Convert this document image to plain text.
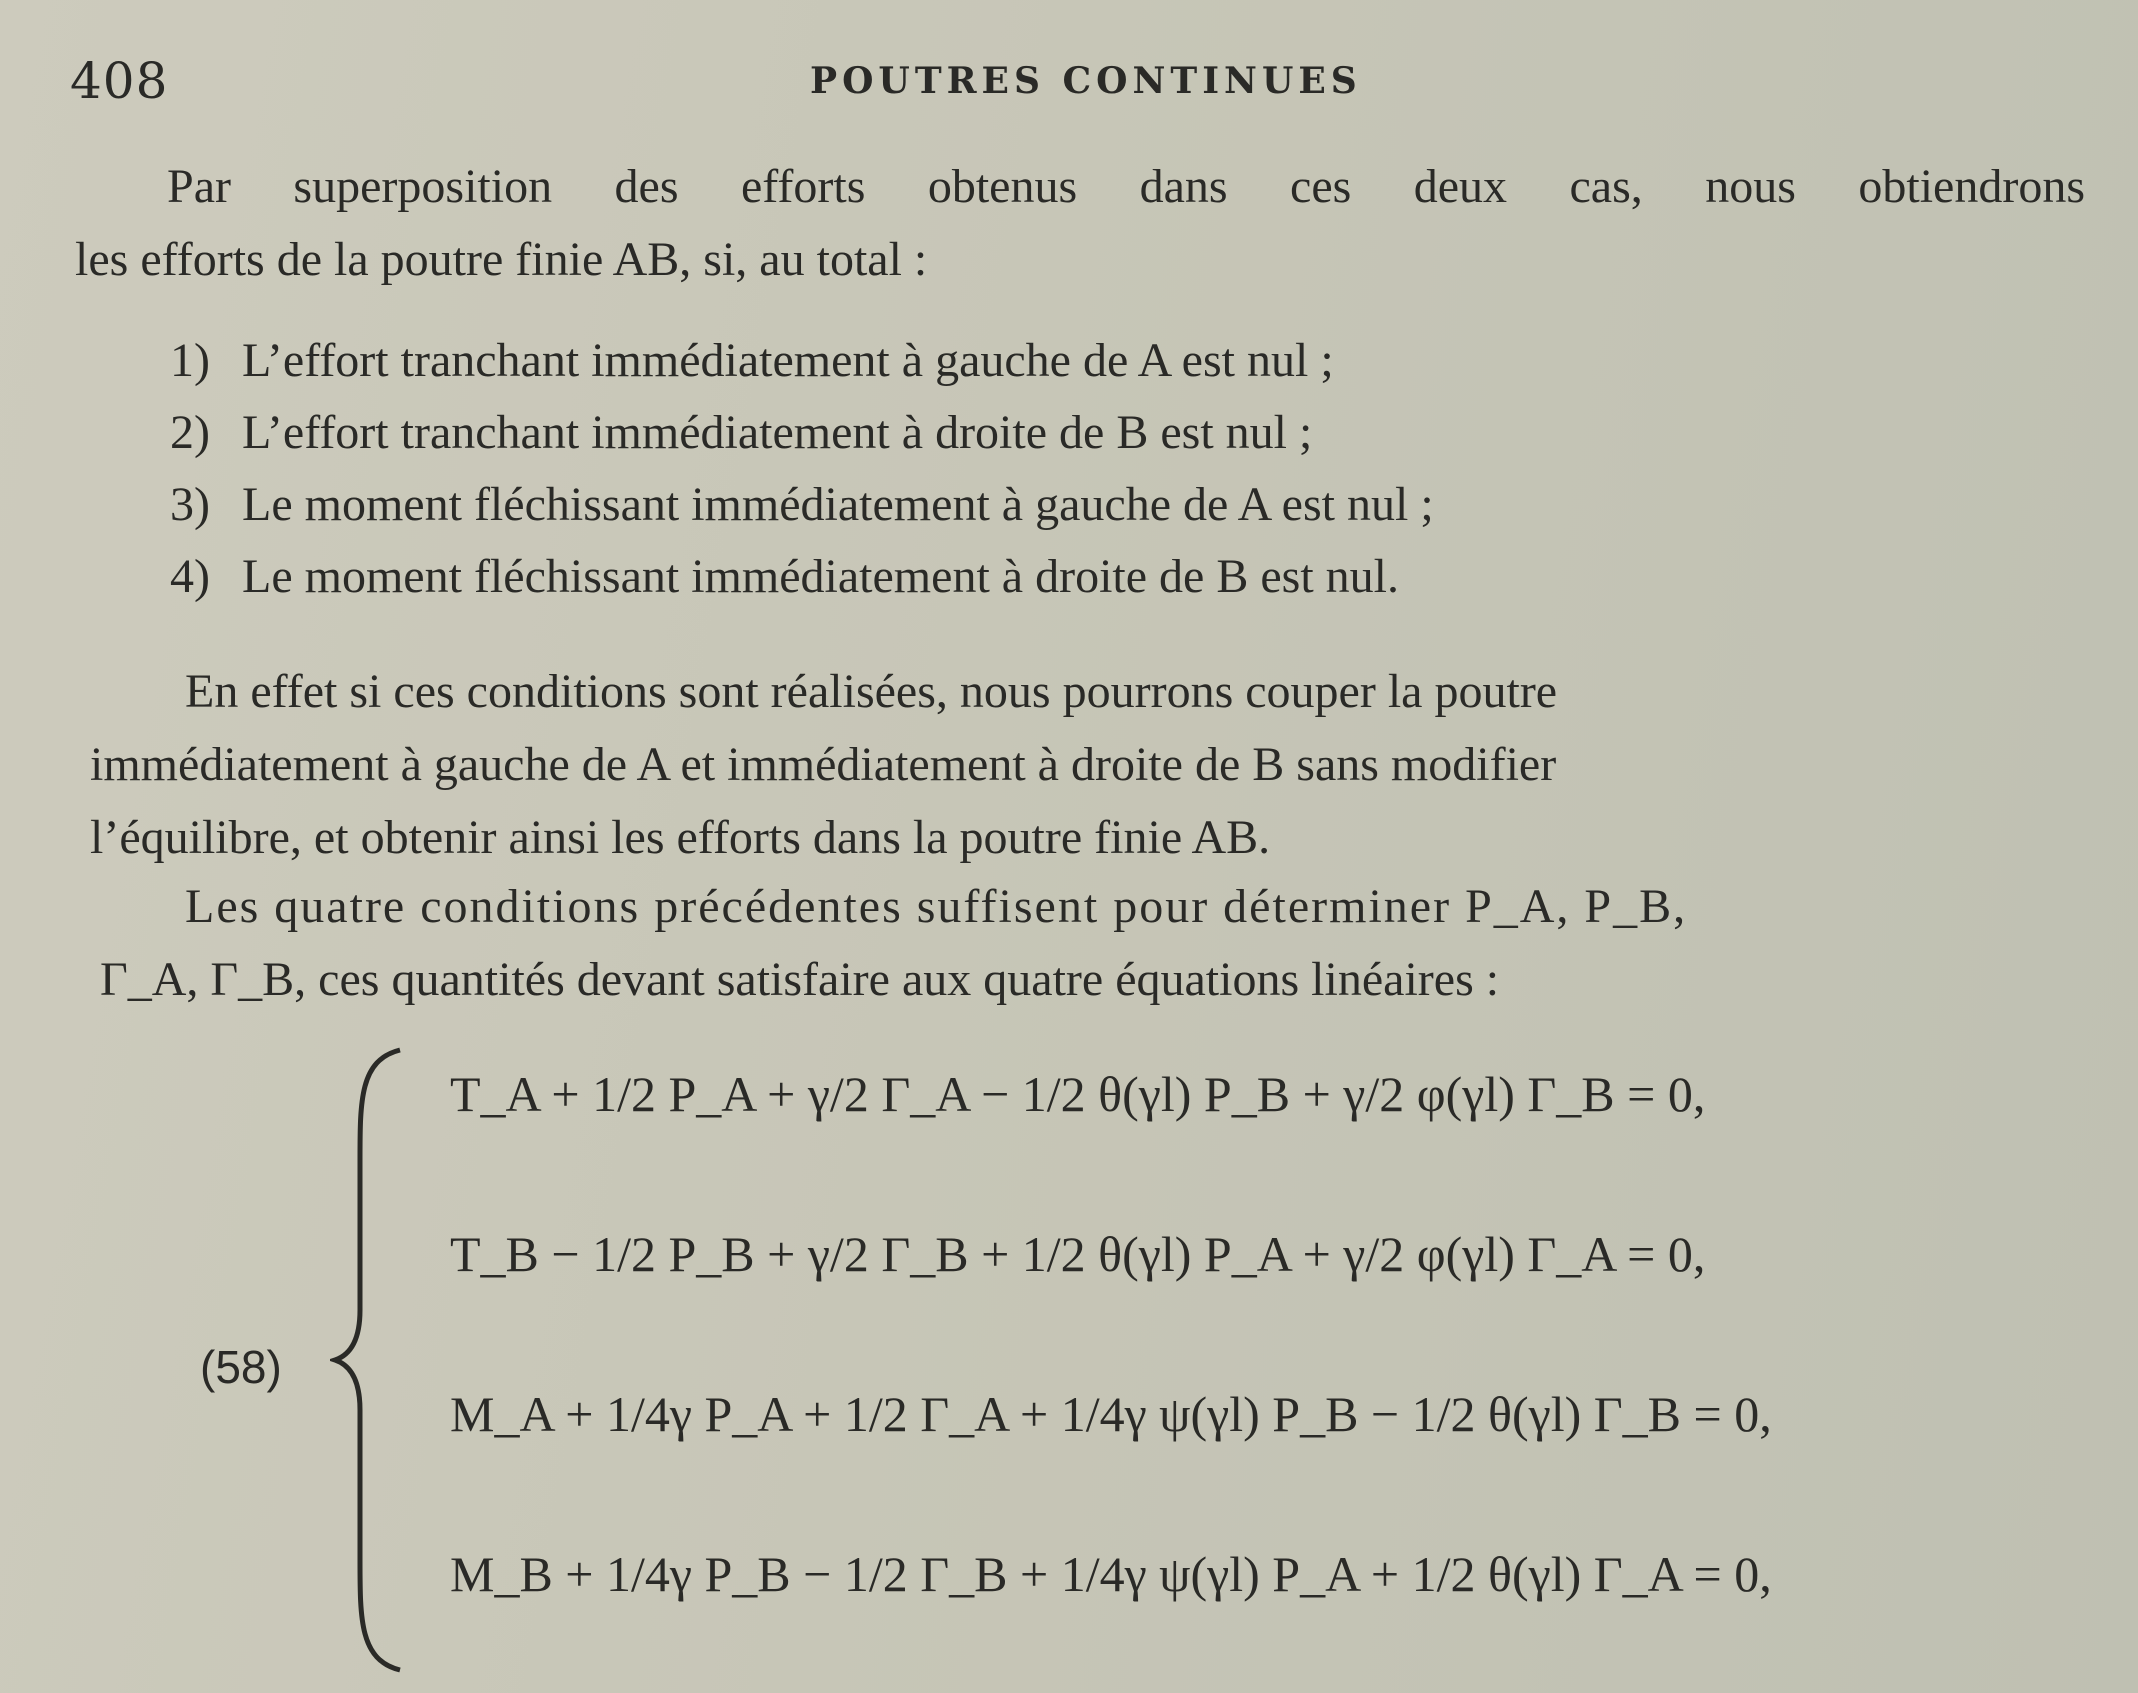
408	POUTRES CONTINUES
Par superposition des efforts obtenus dans ces deux cas, nous obtiendrons
les efforts de la poutre finie AB, si, au total :
1) L’effort tranchant immédiatement à gauche de A est nul ;
2) L’effort tranchant immédiatement à droite de B est nul ;
3) Le moment fléchissant immédiatement à gauche de A est nul ;
4) Le moment fléchissant immédiatement à droite de B est nul.
En effet si ces conditions sont réalisées, nous pourrons couper la poutre
immédiatement à gauche de A et immédiatement à droite de B sans modifier
l’équilibre, et obtenir ainsi les efforts dans la poutre finie AB.
Les quatre conditions précédentes suffisent pour déterminer P_A, P_B,
Γ_A, Γ_B, ces quantités devant satisfaire aux quatre équations linéaires :
(58)
T_A + 1/2 P_A + γ/2 Γ_A − 1/2 θ(γl) P_B + γ/2 φ(γl) Γ_B = 0,
T_B − 1/2 P_B + γ/2 Γ_B + 1/2 θ(γl) P_A + γ/2 φ(γl) Γ_A = 0,
M_A + 1/4γ P_A + 1/2 Γ_A + 1/4γ ψ(γl) P_B − 1/2 θ(γl) Γ_B = 0,
M_B + 1/4γ P_B − 1/2 Γ_B + 1/4γ ψ(γl) P_A + 1/2 θ(γl) Γ_A = 0,
